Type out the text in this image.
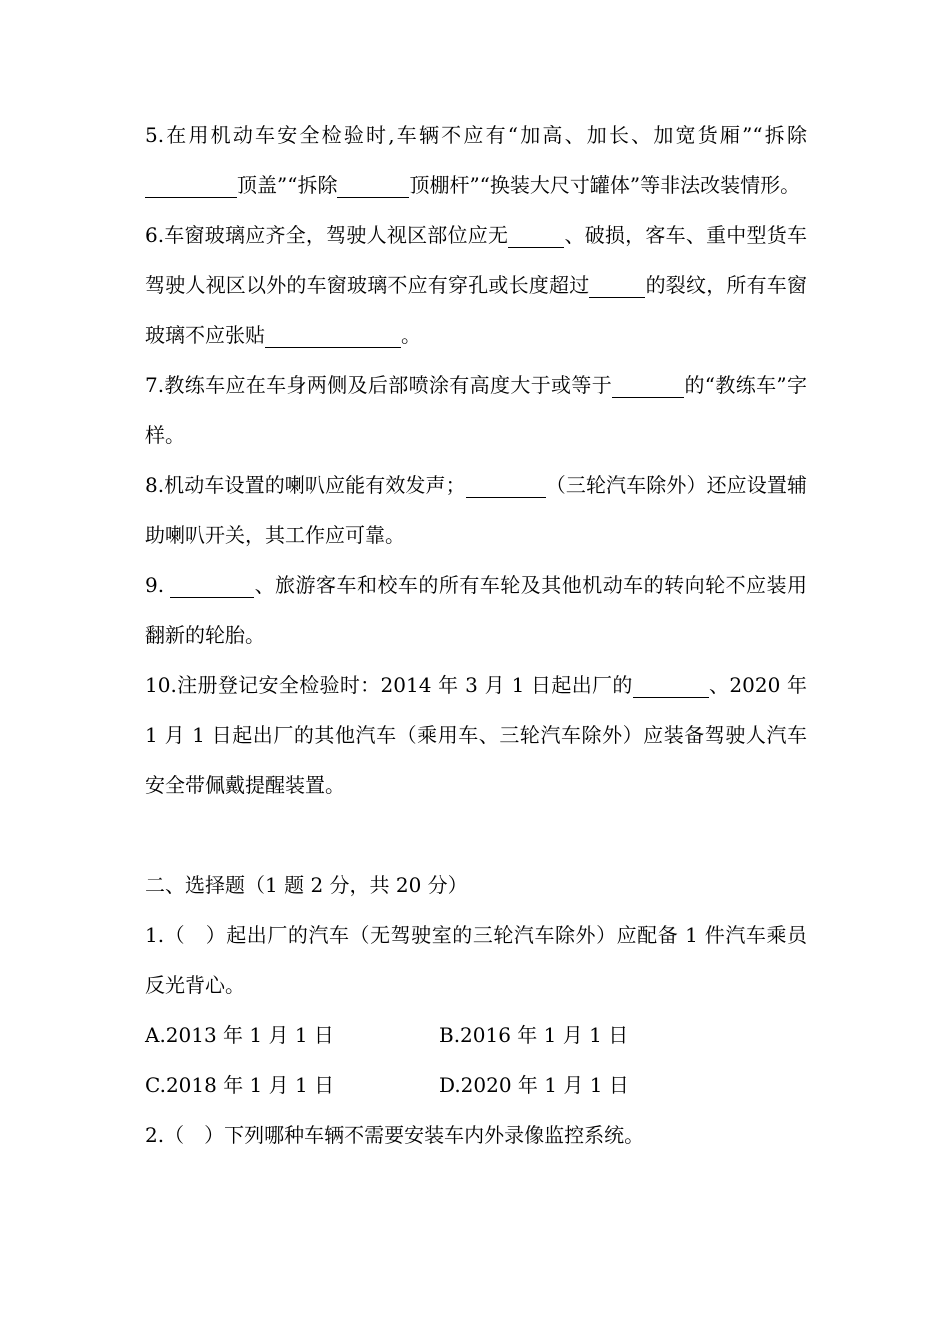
5.在用机动车安全检验时,车辆不应有“加高、加长、加宽货厢”“拆除顶盖”“拆除	顶棚杆”“换装大尺寸罐体”等非法改装情形。

6.车窗玻璃应齐全，驾驶人视区部位应无	、破损，客车、重中型货车驾驶人视区以外的车窗玻璃不应有穿孔或长度超过	的裂纹，所有车窗玻璃不应张贴	。

7.教练车应在车身两侧及后部喷涂有高度大于或等于	的“教练车”字样。

8.机动车设置的喇叭应能有效发声；	（三轮汽车除外）还应设置辅助喇叭开关，其工作应可靠。

9.	、旅游客车和校车的所有车轮及其他机动车的转向轮不应装用翻新的轮胎。

10.注册登记安全检验时：2014 年 3 月 1 日起出厂的	、2020 年 1 月 1 日起出厂的其他汽车（乘用车、三轮汽车除外）应装备驾驶人汽车安全带佩戴提醒装置。

二、选择题（1 题 2 分，共 20 分）

1.（　）起出厂的汽车（无驾驶室的三轮汽车除外）应配备 1 件汽车乘员反光背心。

A.2013 年 1 月 1 日	B.2016 年 1 月 1 日
C.2018 年 1 月 1 日	D.2020 年 1 月 1 日

2.（　）下列哪种车辆不需要安装车内外录像监控系统。
